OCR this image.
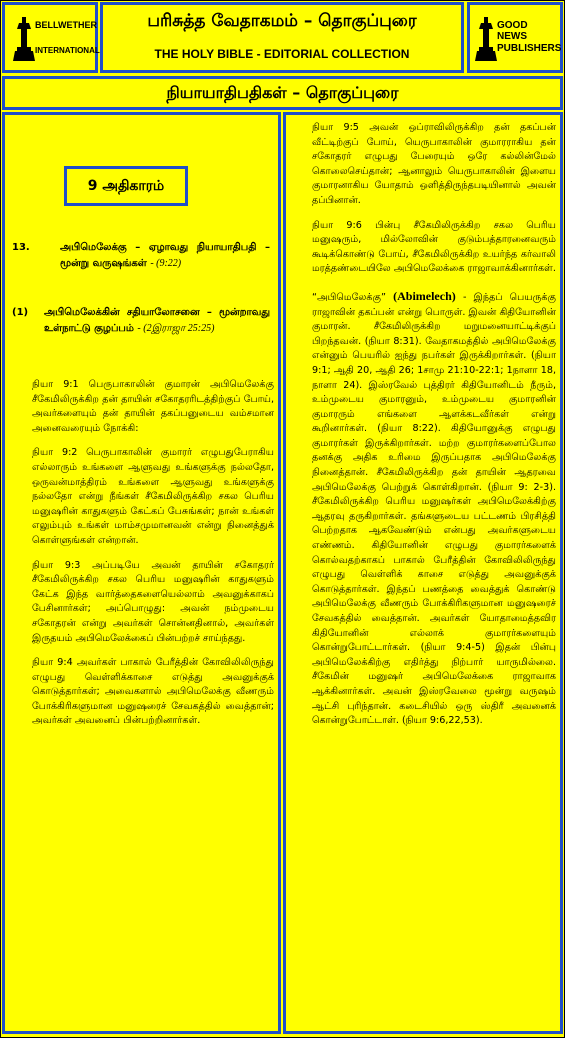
BELLWETHER
INTERNATIONAL
பரிசுத்த வேதாகமம் – தொகுப்புரை
THE HOLY BIBLE - EDITORIAL COLLECTION
GOOD NEWS
PUBLISHERS
நியாயாதிபதிகள் – தொகுப்புரை
9 அதிகாரம்
13.	அபிமெலேக்கு – ஏழாவது நியாயாதிபதி – மூன்று வருஷங்கள் - (9:22)
(1)	அபிமெலேக்கின் சதியாலோசனை – மூன்றாவது உள்நாட்டு குழப்பம் - (2இராஜா 25:25)

நியா 9:1 பெருபாகாலின் குமாரன் அபிமெலேக்கு சீகேமிலிருக்கிற தன் தாயின் சகோதரரிடத்திற்குப் போய், அவர்களையும் தன் தாயின் தகப்பனுடைய வம்சமான அனைவரையும் நோக்கி:

நியா 9:2 பெருபாகாலின் குமாரர் எழுபதுபேராகிய எல்லாரும் உங்களை ஆளுவது உங்களுக்கு நல்லதோ, ஒருவன்மாத்திரம் உங்களை ஆளுவது உங்களுக்கு நல்லதோ என்று நீங்கள் சீகேமிலிருக்கிற சகல பெரிய மனுஷரின் காதுகளும் கேட்கப் பேசுங்கள்; நான் உங்கள் எலும்பும் உங்கள் மாம்சமுமானவன் என்று நினைத்துக் கொள்ளுங்கள் என்றான்.

நியா 9:3 அப்படியே அவன் தாயின் சகோதரர் சீகேமிலிருக்கிற சகல பெரிய மனுஷரின் காதுகளும் கேட்க இந்த வார்த்தைகளையெல்லாம் அவனுக்காகப் பேசினார்கள்; அப்பொழுது: அவன் நம்முடைய சகோதரன் என்று அவர்கள் சொன்னதினால், அவர்கள் இருதயம் அபிமெலேக்கைப் பின்பற்றச் சாய்ந்தது.

நியா 9:4 அவர்கள் பாகால் பேரீத்தின் கோவிலிலிருந்து எழுபது வெள்ளிக்காசை எடுத்து அவனுக்குக் கொடுத்தார்கள்; அவைகளால் அபிமெலேக்கு வீணரும் போக்கிரிகளுமான மனுஷரைச் சேவகத்தில் வைத்தான்; அவர்கள் அவனைப் பின்பற்றினார்கள்.

நியா 9:5 அவன் ஒப்ராவிலிருக்கிற தன் தகப்பன் வீட்டிற்குப் போய், யெருபாகாலின் குமாரராகிய தன் சகோதரர் எழுபது பேரையும் ஒரே கல்லின்மேல் கொலைசெய்தான்; ஆனாலும் யெருபாகாலின் இளைய குமாரனாகிய யோதாம் ஒளித்திருந்தபடியினால் அவன் தப்பினான்.

நியா 9:6 பின்பு சீகேமிலிருக்கிற சகல பெரிய மனுஷரும், மில்லோவின் குடும்பத்தாரனைவரும் கூடிக்கொண்டு போய், சீகேமிலிருக்கிற உயர்ந்த கர்வாலி மரத்தண்டையிலே அபிமெலேக்கை ராஜாவாக்கினார்கள்.

“அபிமெலேக்கு” (Abimelech) - இந்தப் பெயருக்கு ராஜாவின் தகப்பன் என்று பொருள். இவன் கிதியோனின் குமாரன். சீகேமிலிருக்கிற மறுமனையாட்டிக்குப் பிறந்தவன். (நியா 8:31). வேதாகமத்தில் அபிமெலேக்கு என்னும் பெயரில் ஐந்து நபர்கள் இருக்கிறார்கள். (நியா 9:1; ஆதி 20, ஆதி 26; 1சாமு 21:10-22:1; 1நாளா 18, நாளா 24). இஸ்ரவேல் புத்திரர் கிதியோனிடம் நீரும், உம்முடைய குமாரனும், உம்முடைய குமாரனின் குமாரரும் எங்களை ஆளக்கடவீர்கள் என்று கூறினார்கள். (நியா 8:22). கிதியோனுக்கு எழுபது குமாரர்கள் இருக்கிறார்கள். மற்ற குமாரர்களைப்போல தனக்கு அதிக உரிமை இருப்பதாக அபிமெலேக்கு நினைத்தான். சீகேமிலிருக்கிற தன் தாயின் ஆதரவை அபிமெலேக்கு பெற்றுக் கொள்கிறான். (நியா 9: 2-3). சீகேமிலிருக்கிற பெரிய மனுஷர்கள் அபிமெலேக்கிற்கு ஆதரவு தருகிறார்கள். தங்களுடைய பட்டணம் பிரசித்தி பெற்றதாக ஆகவேண்டும் என்பது அவர்களுடைய எண்ணம். கிதியோனின் எழுபது குமாரர்களைக் கொல்வதற்காகப் பாகால் பேரீத்தின் கோவிலிலிருந்து எழுபது வெள்ளிக் காசை எடுத்து அவனுக்குக் கொடுத்தார்கள். இந்தப் பணத்தை வைத்துக் கொண்டு அபிமெலேக்கு வீணரும் போக்கிரிகளுமான மனுஷரைச் சேவகத்தில் வைத்தான். அவர்கள் யோதாமைத்தவிர கிதியோனின் எல்லாக் குமாரர்களையும் கொன்றுபோட்டார்கள். (நியா 9:4-5) இதன் பின்பு அபிமெலேக்கிற்கு எதிர்த்து நிற்பார் யாருமில்லை. சீகேமின் மனுஷர் அபிமெலேக்கை ராஜாவாக ஆக்கினார்கள். அவன் இஸ்ரவேலை மூன்று வருஷம் ஆட்சி புரிந்தான். கடைசியில் ஒரு ஸ்திரீ அவனைக் கொன்றுபோட்டாள். (நியா 9:6,22,53).
